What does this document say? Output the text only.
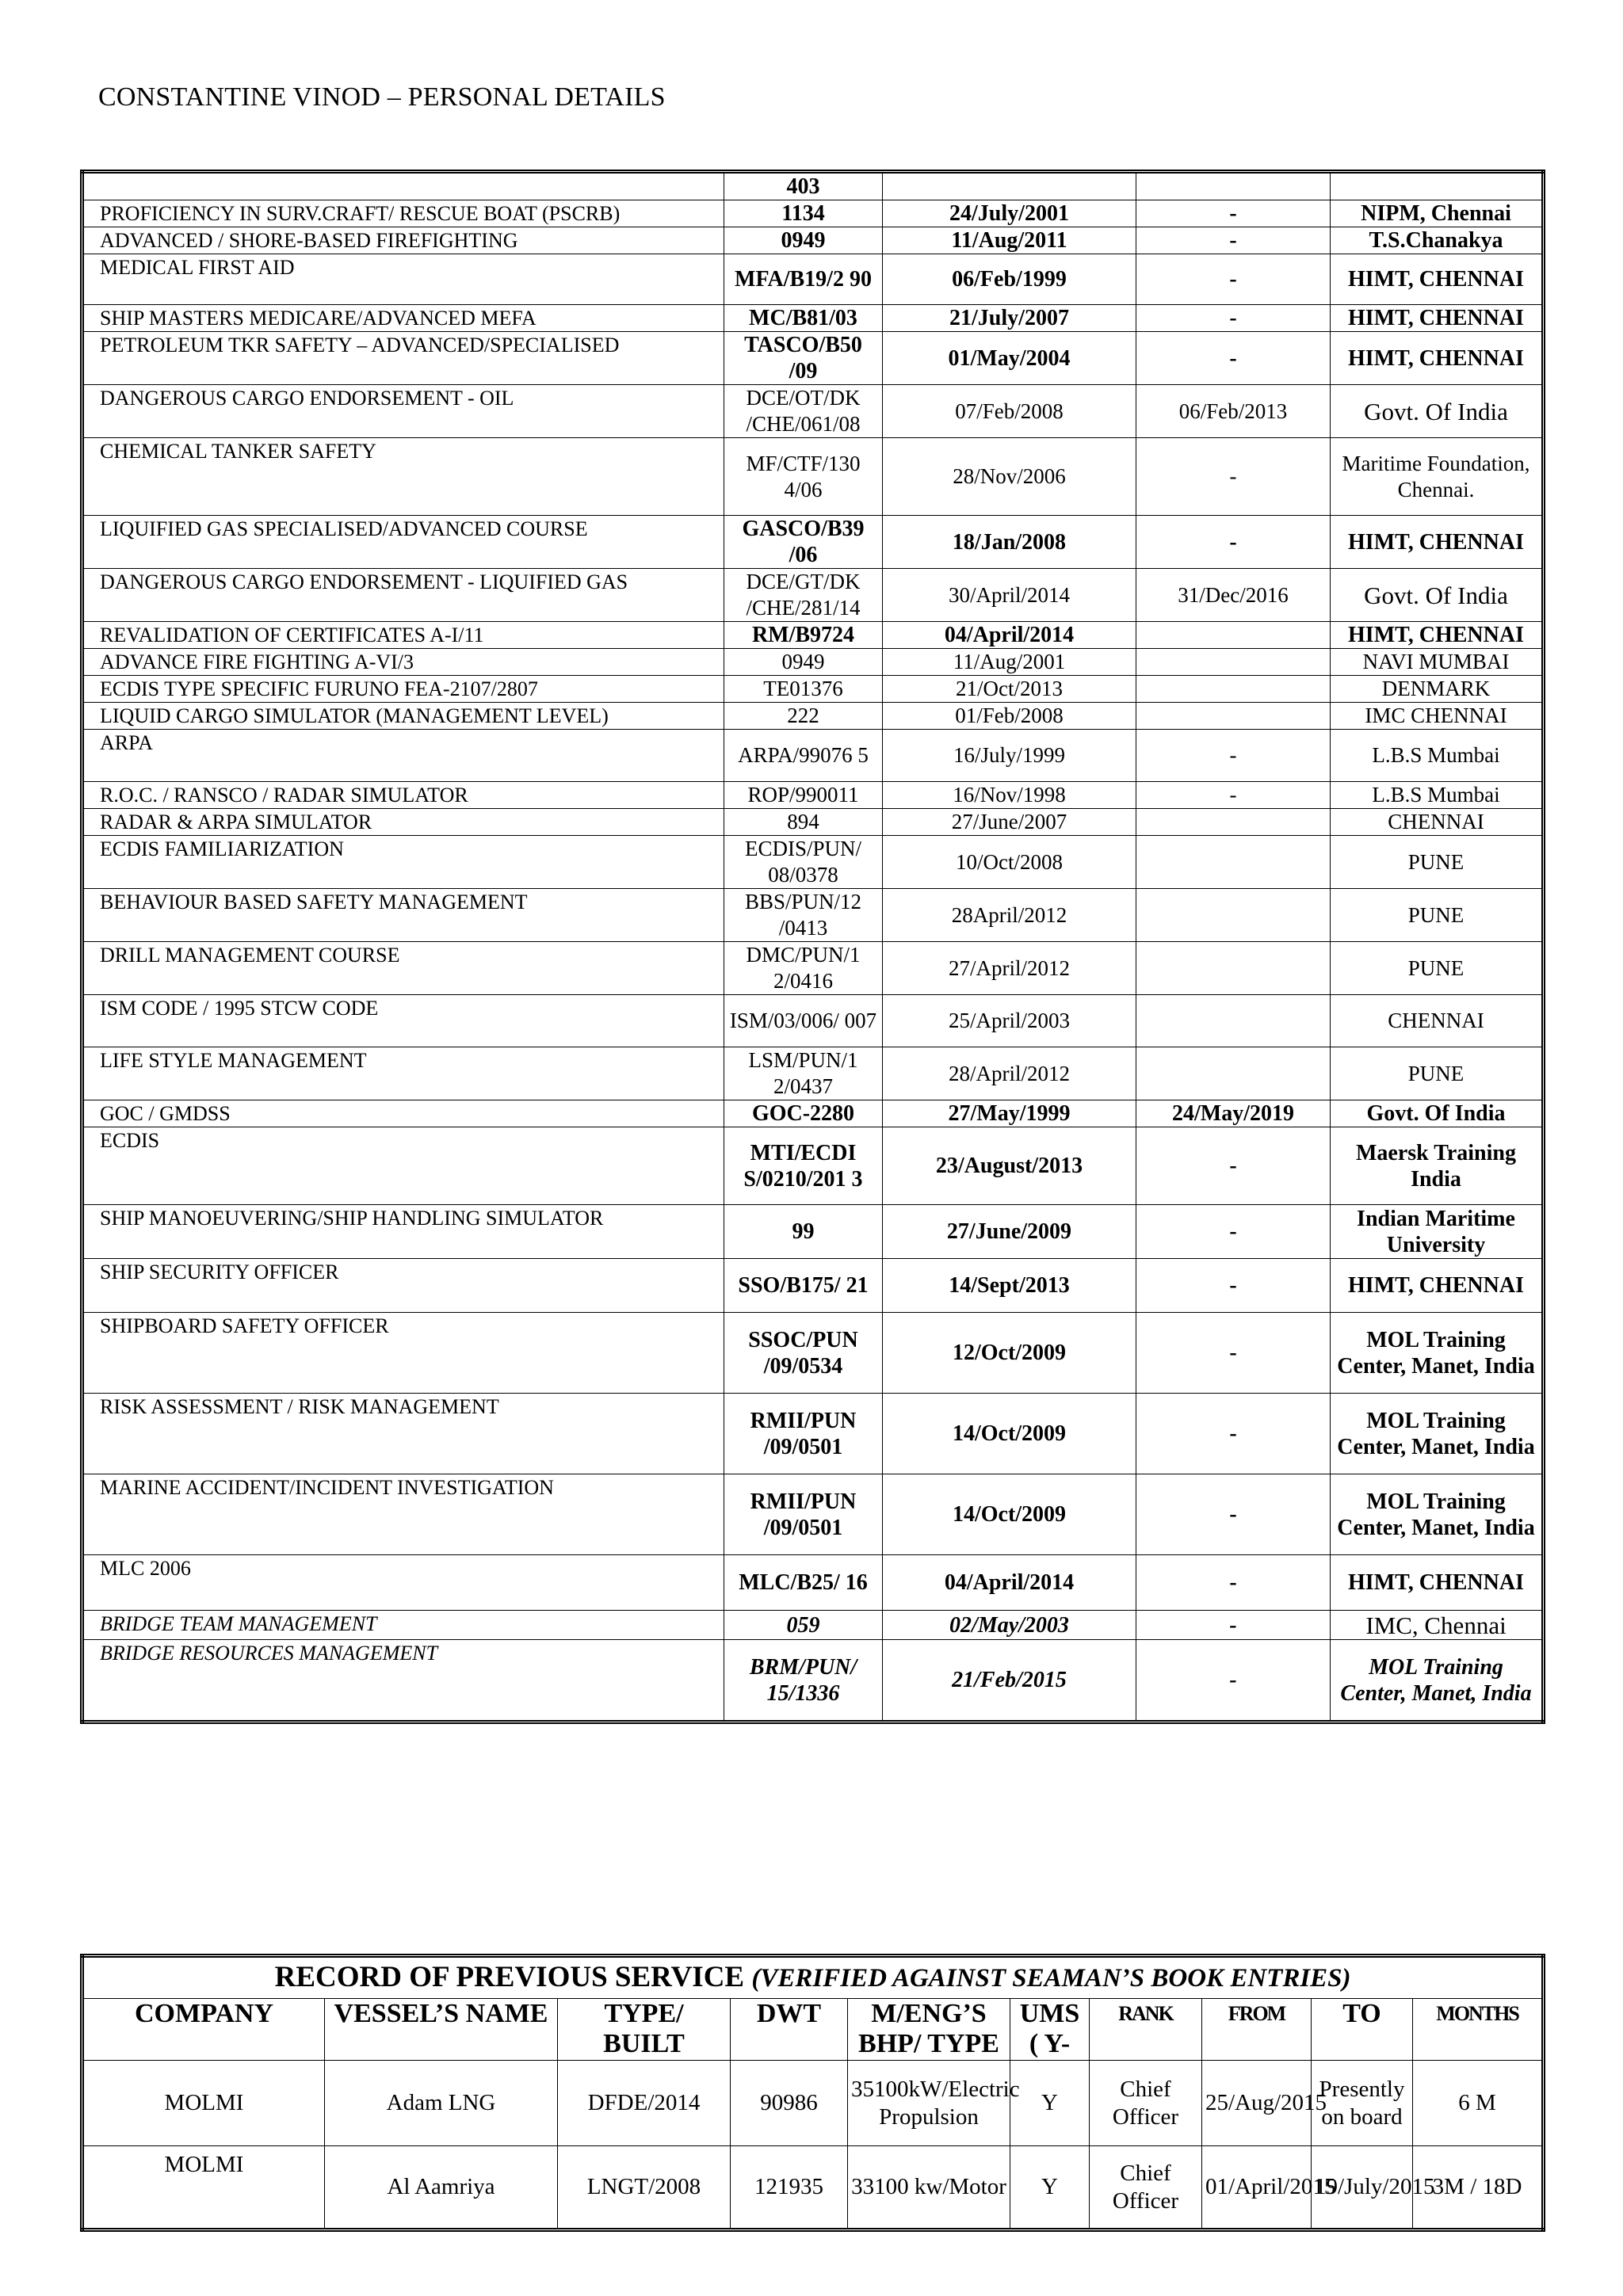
CONSTANTINE VINOD – PERSONAL DETAILS
	403			
PROFICIENCY IN SURV.CRAFT/ RESCUE BOAT (PSCRB)	1134	24/July/2001	-	NIPM, Chennai
ADVANCED / SHORE-BASED FIREFIGHTING	0949	11/Aug/2011	-	T.S.Chanakya
MEDICAL FIRST AID	MFA/B19/2 90	06/Feb/1999	-	HIMT, CHENNAI
SHIP MASTERS MEDICARE/ADVANCED MEFA	MC/B81/03	21/July/2007	-	HIMT, CHENNAI
PETROLEUM TKR SAFETY – ADVANCED/SPECIALISED	TASCO/B50 /09	01/May/2004	-	HIMT, CHENNAI
DANGEROUS CARGO ENDORSEMENT - OIL	DCE/OT/DK /CHE/061/08	07/Feb/2008	06/Feb/2013	Govt. Of India
CHEMICAL TANKER SAFETY	MF/CTF/130 4/06	28/Nov/2006	-	Maritime Foundation, Chennai.
LIQUIFIED GAS SPECIALISED/ADVANCED COURSE	GASCO/B39 /06	18/Jan/2008	-	HIMT, CHENNAI
DANGEROUS CARGO ENDORSEMENT - LIQUIFIED GAS	DCE/GT/DK /CHE/281/14	30/April/2014	31/Dec/2016	Govt. Of India
REVALIDATION OF CERTIFICATES A-I/11	RM/B9724	04/April/2014		HIMT, CHENNAI
ADVANCE FIRE FIGHTING A-VI/3	0949	11/Aug/2001		NAVI MUMBAI
ECDIS TYPE SPECIFIC FURUNO FEA-2107/2807	TE01376	21/Oct/2013		DENMARK
LIQUID CARGO SIMULATOR (MANAGEMENT LEVEL)	222	01/Feb/2008		IMC CHENNAI
ARPA	ARPA/99076 5	16/July/1999	-	L.B.S Mumbai
R.O.C. / RANSCO / RADAR SIMULATOR	ROP/990011	16/Nov/1998	-	L.B.S Mumbai
RADAR & ARPA SIMULATOR	894	27/June/2007		CHENNAI
ECDIS FAMILIARIZATION	ECDIS/PUN/ 08/0378	10/Oct/2008		PUNE
BEHAVIOUR BASED SAFETY MANAGEMENT	BBS/PUN/12 /0413	28April/2012		PUNE
DRILL MANAGEMENT COURSE	DMC/PUN/1 2/0416	27/April/2012		PUNE
ISM CODE / 1995 STCW CODE	ISM/03/006/ 007	25/April/2003		CHENNAI
LIFE STYLE MANAGEMENT	LSM/PUN/1 2/0437	28/April/2012		PUNE
GOC / GMDSS	GOC-2280	27/May/1999	24/May/2019	Govt. Of India
ECDIS	MTI/ECDI S/0210/201 3	23/August/2013	-	Maersk Training India
SHIP MANOEUVERING/SHIP HANDLING SIMULATOR	99	27/June/2009	-	Indian Maritime University
SHIP SECURITY OFFICER	SSO/B175/ 21	14/Sept/2013	-	HIMT, CHENNAI
SHIPBOARD SAFETY OFFICER	SSOC/PUN /09/0534	12/Oct/2009	-	MOL Training Center, Manet, India
RISK ASSESSMENT / RISK MANAGEMENT	RMII/PUN /09/0501	14/Oct/2009	-	MOL Training Center, Manet, India
MARINE ACCIDENT/INCIDENT INVESTIGATION	RMII/PUN /09/0501	14/Oct/2009	-	MOL Training Center, Manet, India
MLC 2006	MLC/B25/ 16	04/April/2014	-	HIMT, CHENNAI
BRIDGE TEAM MANAGEMENT	059	02/May/2003	-	IMC, Chennai
BRIDGE RESOURCES MANAGEMENT	BRM/PUN/ 15/1336	21/Feb/2015	-	MOL Training Center, Manet, India
RECORD OF PREVIOUS SERVICE (VERIFIED AGAINST SEAMAN’S BOOK ENTRIES)									
COMPANY	VESSEL’S NAME	TYPE/ BUILT	DWT	M/ENG’S BHP/ TYPE	UMS ( Y-	RANK	FROM	TO	MONTHS
MOLMI	Adam LNG	DFDE/2014	90986	35100kW/Electric Propulsion	Y	Chief Officer	25/Aug/2015	Presently on board	6 M
MOLMI	Al Aamriya	LNGT/2008	121935	33100 kw/Motor	Y	Chief Officer	01/April/2015	19/July/2015	3M / 18D
